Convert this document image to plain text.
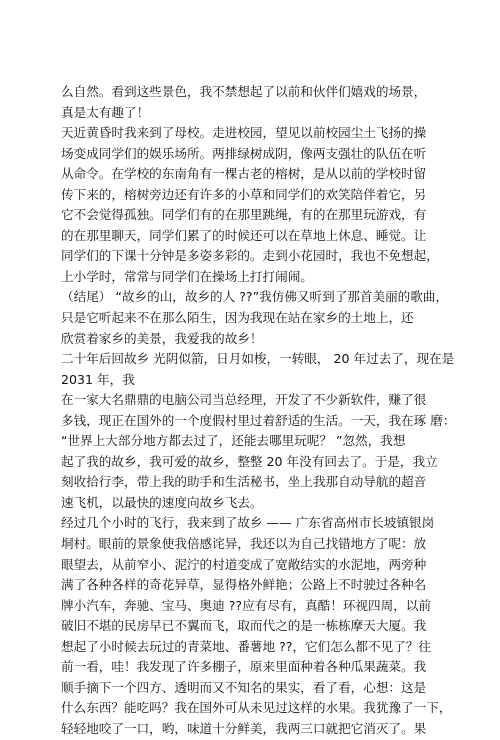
么自然。看到这些景色，我不禁想起了以前和伙伴们嬉戏的场景，
真是太有趣了！
天近黄昏时我来到了母校。走进校园，望见以前校园尘土飞扬的操
场变成同学们的娱乐场所。两排绿树成阴，像两支强壮的队伍在听
从命令。在学校的东南角有一棵古老的榕树，是从以前的学校时留
传下来的，榕树旁边还有许多的小草和同学们的欢笑陪伴着它，另
它不会觉得孤独。同学们有的在那里跳绳，有的在那里玩游戏，有
的在那里聊天，同学们累了的时候还可以在草地上休息、睡觉。让
同学们的下课十分钟是多姿多彩的。走到小花园时，我也不免想起，
上小学时，常常与同学们在操场上打打闹闹。
（结尾） “故乡的山，故乡的人 ??”我仿佛又听到了那首美丽的歌曲，
只是它听起来不在那么陌生，因为我现在站在家乡的土地上，还
欣赏着家乡的美景，我爱我的故乡！
二十年后回故乡 光阴似箭，日月如梭，一转眼， 20 年过去了，现在是
2031 年，我
在一家大名鼎鼎的电脑公司当总经理，开发了不少新软件，赚了很
多钱，现正在国外的一个度假村里过着舒适的生活。一天，我在琢 磨：
“世界上大部分地方都去过了，还能去哪里玩呢？ ”忽然，我想
起了我的故乡，我可爱的故乡，整整 20 年没有回去了。于是，我立
刻收拾行李，带上我的助手和生活秘书，坐上我那自动导航的超音
速飞机，以最快的速度向故乡飞去。
经过几个小时的飞行，我来到了故乡 —— 广东省高州市长坡镇银岗
垌村。眼前的景象使我倍感诧异，我还以为自己找错地方了呢：放
眼望去，从前窄小、泥泞的村道变成了宽敞结实的水泥地，两旁种
满了各种各样的奇花异草，显得格外鲜艳；公路上不时驶过各种名
牌小汽车，奔驰、宝马、奥迪 ??应有尽有，真酷！环视四周，以前
破旧不堪的民房早已不翼而飞，取而代之的是一栋栋摩天大厦。我
想起了小时候去玩过的青菜地、番薯地 ??，它们怎么都不见了？往
前一看，哇！我发现了许多棚子，原来里面种着各种瓜果蔬菜。我
顺手摘下一个四方、透明而又不知名的果实，看了看，心想：这是
什么东西？能吃吗？我在国外可从未见过这样的水果。我犹豫了一下，
轻轻地咬了一口，哟，味道十分鲜美，我两三口就把它消灭了。果
